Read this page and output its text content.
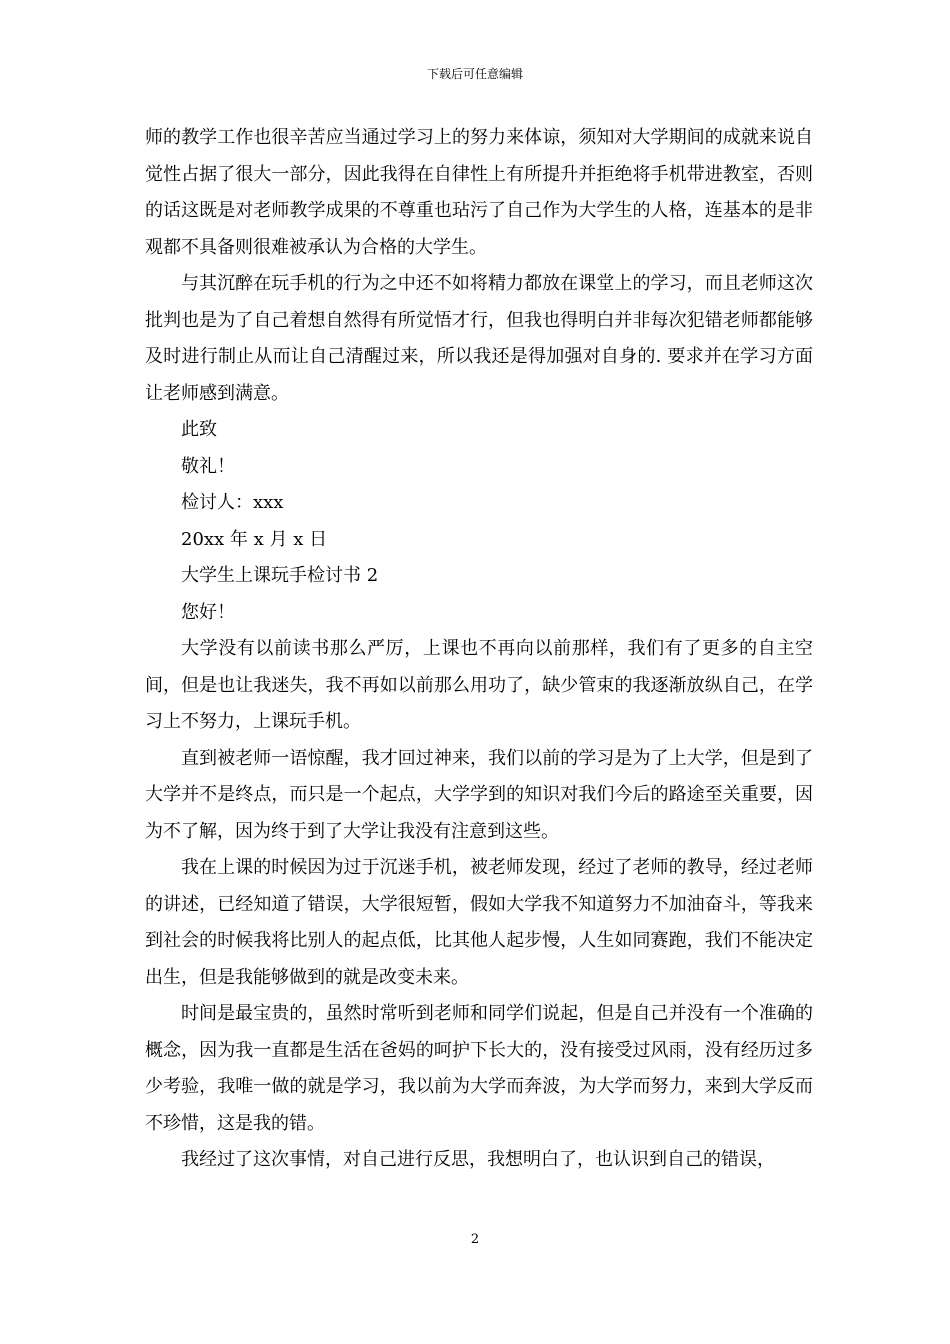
下载后可任意编辑

师的教学工作也很辛苦应当通过学习上的努力来体谅，须知对大学期间的成就来说自觉性占据了很大一部分，因此我得在自律性上有所提升并拒绝将手机带进教室，否则的话这既是对老师教学成果的不尊重也玷污了自己作为大学生的人格，连基本的是非观都不具备则很难被承认为合格的大学生。

与其沉醉在玩手机的行为之中还不如将精力都放在课堂上的学习，而且老师这次批判也是为了自己着想自然得有所觉悟才行，但我也得明白并非每次犯错老师都能够及时进行制止从而让自己清醒过来，所以我还是得加强对自身的. 要求并在学习方面让老师感到满意。

此致

敬礼！

检讨人：xxx

20xx 年 x 月 x 日

大学生上课玩手检讨书 2

您好！

大学没有以前读书那么严厉，上课也不再向以前那样，我们有了更多的自主空间，但是也让我迷失，我不再如以前那么用功了，缺少管束的我逐渐放纵自己，在学习上不努力，上课玩手机。

直到被老师一语惊醒，我才回过神来，我们以前的学习是为了上大学，但是到了大学并不是终点，而只是一个起点，大学学到的知识对我们今后的路途至关重要，因为不了解，因为终于到了大学让我没有注意到这些。

我在上课的时候因为过于沉迷手机，被老师发现，经过了老师的教导，经过老师的讲述，已经知道了错误，大学很短暂，假如大学我不知道努力不加油奋斗，等我来到社会的时候我将比别人的起点低，比其他人起步慢，人生如同赛跑，我们不能决定出生，但是我能够做到的就是改变未来。

时间是最宝贵的，虽然时常听到老师和同学们说起，但是自己并没有一个准确的概念，因为我一直都是生活在爸妈的呵护下长大的，没有接受过风雨，没有经历过多少考验，我唯一做的就是学习，我以前为大学而奔波，为大学而努力，来到大学反而不珍惜，这是我的错。

我经过了这次事情，对自己进行反思，我想明白了，也认识到自己的错误，

2
